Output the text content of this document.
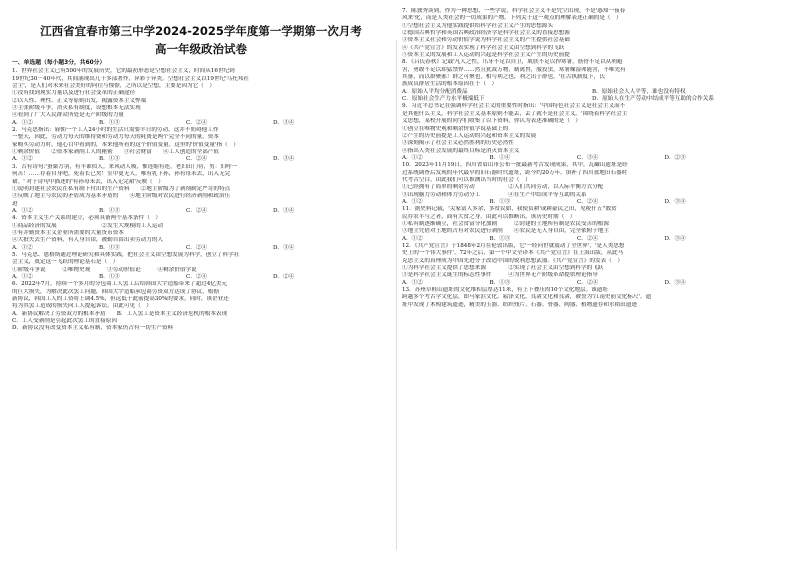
江西省宜春市第三中学2024-2025学年度第一学期第一次月考
高一年级政治试卷
一、单选题（每小题3分，共60分）
1．世界社会主义已有500年的发展历史。它的最初形态是空想社会主义，时间从16世纪到
19世纪30－40年代，其间涌现出几十多部著作，异彩于异类。空想社会主义以19世纪'乌托邦社
会主'，是人们对未来社会美好的向往与憧憬，之所以是空想，主要是因为它（　）
①没有找到现实力量以及进行社会变革的正确途径
②以人性、理性、正义等原则出发，揭露资本主义弊端
③主张阶级斗争，消灭私有制度，设想根本无法实现
④看到了广大人民群众所处是无产阶级的力量
A．①②	B．①③	C．②④	D．③④
2．马克思指出：雇佣一个工人24小时的生活只需要半日的劳动，这并不妨碍他工作
一整天，因此，劳动力每天的维持费和劳动力每天的耗费是两个完全不同的量。资本
家购买劳动力时，他心目中看到的，本来他所看的这个价值变量。这里的'价值变量'指（　）
①剩余价值　　②资本家剥削工人的秘密　　③社会财富　　④工人创造的全部产值
A．①②	B．①③	C．②④	D．③④
3．古有诗句:'蚕桑方羽，有丰谁似人。来风动人吸，惟连缩有连，老妇出门待，男：妇呼一
何苦！……存着自身吧，死着长已矣！室中更无人，唯有乳下孙，孙有母未去，出入无完
裙。' 对于诗句中描述的'有孙母未去，出入无完裙'反映（　）
①说明封建社会农民在私有制下付出的生产资料　　②地主阶级为了剥削制定严苛的特点
③反映了地主与农民的矛盾成为基本矛盾的　　④地主阶级对农民进行经济剥削和政治压
迫
A．①②	B．①③	C．②④	D．③④
4．资本主义生产关系的建立，必须具备两个基本条件（　）
①商品经济的发展　　　　　　　　②发生大规模的工人运动
③有并勤资本主义企业所需要的大量货币资本
④大批失去生产资料，有人身自由，被勤自由出卖劳动力的人
A．①②	B．①③	C．②④	D．③④
5．马克思、恩格斯通过理论研究和具体实践，把社会主义由空想发展为科学，创立了科学社
会主义，奠定这一飞跃的理论基石是（　）
①阶级斗争说　　　②唯物史观　　　③劳动价值论　　　④剩余价值学说
A．①②	B．①③	C．②④	D．②④
6．2022年7月，持续一个多月的分包商工人罢工后给韩国大宇造船带来了超过4亿美元
的巨大损失，为解决此次罢工问题，韩国大宇造船承包商劳资双方达成了协议，根据
新协议，韩国工人的工资将上调4.5%，但远低于此前提高30%的要求，同时，该企业还
将为其罢工造成的损失向工人提起诉讼。由此可见（　）
A．新协议解决了劳资双方的根本矛盾　　B．工人罢工是资本主义经济危机的根本表现
C．工人受剥削是引起此次罢工的直接原因
D．新协议没有改变资本主义私有制，资本家仍占有一切生产资料
7．陈独秀谈到，作为一种思想，一些学说，科学社会主义不是凭空出现，不是'惑知一夜春
风来'化，而是人类社会的一切成果的产物。下列关于这一观点的理解表述正确的是（　）
①空想社会主义为他实践提供给科学社会主义产生的思想源头
②德国古典哲学和英国古典政治经济学是科学社会主义的直接思想源
③资本主义社会和劳动价值学说为科学社会主义的产生提供社会基础
④《共产党宣言》的发表实现了科学社会主义由空想到科学的飞跃
⑤资本主义的发展和工人运动的兴起是科学社会主义产生的历史前提
8．《吕氏春秋》记载'凡人之性，爪牙不足以自卫，肌肤不足以捍寒暑，筋骨不足以从利避
害，勇敢不足以却猛禁悍……然且犹裁万物，制禽兽，服狡虫，寒暑燥湿弗能害，不唯先有
其备，而以群聚邪！群之可聚也，相与利之也，利之出于群也。'在古执制度下，氏
族成员群居生活的根本原因在于（　）
A．原始人平均分配消费品	B．原始社会人人平等，谁也没有特权
C．原始社会生产力水平极端低下	D．原始人在生产劳动中结成平等互助的合作关系
9．习近平总书记在强调科学社会主义的重要性时指出：'中国特色社会主义是社会主义而不
是其他什么主义，科学社会主义基本原则不能丢，丢了就不是社会主义。'围绕着科学社会主
义思想，某校开展的同学们收集了以下资料，你认为表述准确的是（　）
①创立在唯物史观和剩余价值学说基础上的
②产生的历史前提是工人运动的兴起和资本主义的发展
③深刻揭示了社会主义必然胜利的历史必然性
④指出人类社会发展的最终目标是消灭资本主义
A．①②	B．①④	C．③④	D．②③
10．2023年11月19日，四川省眉山市公布一批最新考古发现成果，其中，瓦罐山遗址是经
过系统调查后发现的年代最早的旧石器时代遗址，距今约20万年，填补了四川盆地旧石器时
代考古空白。由此我们可以推测出当时的社会（　）
①已经拥有了简单的剩余劳动　　　　　　②人们共同劳动，以人际平衡方式分配
③出现脑力劳动和体力劳动分工　　　　　④在生产中结成平等互助的关系
A．①②	B．①③	C．②④	D．③④
11．据史料记载，'关家富人多余，多贫民如，我使负耕'或耕豪民之田，见税什五''数贫
民存农半与之者，面有大贫之身。由此可以推断出，该历史时期（　）
①私有制逐渐确立，社会贫富分化加剧　　　②封建的土地所有制是农民受苦的根源
③地主凭借对土地的占有对农民进行剥削　　④农民是无人身自由，完全依附于地主
A．①②	B．①③	C．②④	D．③④
12．《共产党宣言》于1848年2月在伦敦出版，它'一经问世就震动了全世界'，'是人类思想
史上的一个伟大事件'。72年之后，第一个中文全译本《共产党宣言》在上海出版，从此马
克思主义的真理成为中国先进分子改造中国的锐利思想武器。《共产党宣言》的发表（　）
①为科学社会主义提供了思想来源　　　　②实现了社会主义由空想到科学的飞跃
③是科学社会主义诞生的标志性事件　　　④为世界无产阶级革命提供理论指导
A．①②	B．①③	C．②④	D．③④
13．苏州草鞋山遗址的文化堆积层厚达11米，有上下叠压的10个文化地层。该遗址
跨越多个考古学文化层，即马家浜文化、崧泽文化、良渚文化和良渚，被誉为'江南史前文化标尺'。遗
址中发现了木构建筑遗迹，精美的玉器、纺织残片、石器、骨器、陶器、植物遗存和水稻田遗迹
